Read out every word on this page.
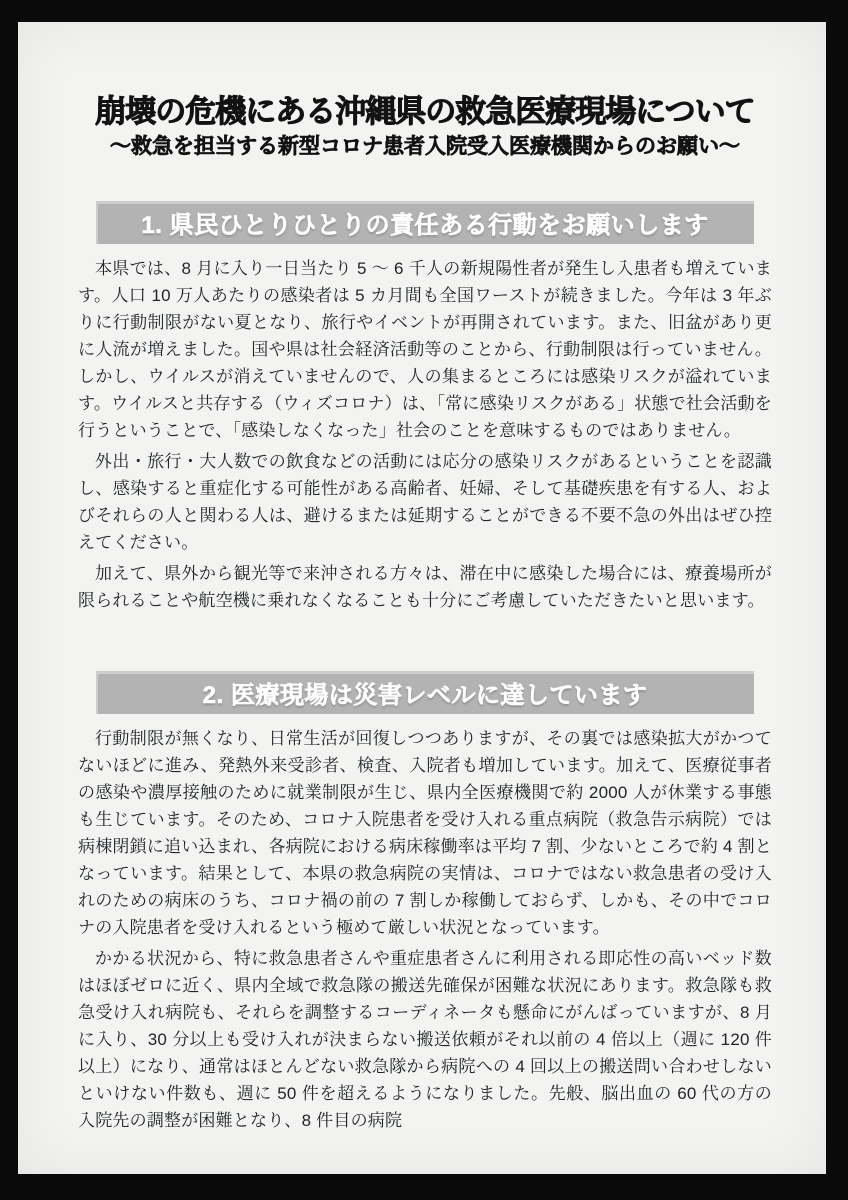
崩壊の危機にある沖縄県の救急医療現場について
～救急を担当する新型コロナ患者入院受入医療機関からのお願い～
1. 県民ひとりひとりの責任ある行動をお願いします

本県では、8 月に入り一日当たり 5 ～ 6 千人の新規陽性者が発生し入患者も増えています。人口 10 万人あたりの感染者は 5 カ月間も全国ワーストが続きました。今年は 3 年ぶりに行動制限がない夏となり、旅行やイベントが再開されています。また、旧盆があり更に人流が増えました。国や県は社会経済活動等のことから、行動制限は行っていません。しかし、ウイルスが消えていませんので、人の集まるところには感染リスクが溢れています。ウイルスと共存する（ウィズコロナ）は、「常に感染リスクがある」状態で社会活動を行うということで、「感染しなくなった」社会のことを意味するものではありません。

外出・旅行・大人数での飲食などの活動には応分の感染リスクがあるということを認識し、感染すると重症化する可能性がある高齢者、妊婦、そして基礎疾患を有する人、およびそれらの人と関わる人は、避けるまたは延期することができる不要不急の外出はぜひ控えてください。

加えて、県外から観光等で来沖される方々は、滞在中に感染した場合には、療養場所が限られることや航空機に乗れなくなることも十分にご考慮していただきたいと思います。

2. 医療現場は災害レベルに達しています

行動制限が無くなり、日常生活が回復しつつありますが、その裏では感染拡大がかつてないほどに進み、発熱外来受診者、検査、入院者も増加しています。加えて、医療従事者の感染や濃厚接触のために就業制限が生じ、県内全医療機関で約 2000 人が休業する事態も生じています。そのため、コロナ入院患者を受け入れる重点病院（救急告示病院）では病棟閉鎖に追い込まれ、各病院における病床稼働率は平均 7 割、少ないところで約 4 割となっています。結果として、本県の救急病院の実情は、コロナではない救急患者の受け入れのための病床のうち、コロナ禍の前の 7 割しか稼働しておらず、しかも、その中でコロナの入院患者を受け入れるという極めて厳しい状況となっています。

かかる状況から、特に救急患者さんや重症患者さんに利用される即応性の高いベッド数はほぼゼロに近く、県内全域で救急隊の搬送先確保が困難な状況にあります。救急隊も救急受け入れ病院も、それらを調整するコーディネータも懸命にがんばっていますが、8 月に入り、30 分以上も受け入れが決まらない搬送依頼がそれ以前の 4 倍以上（週に 120 件以上）になり、通常はほとんどない救急隊から病院への 4 回以上の搬送問い合わせしないといけない件数も、週に 50 件を超えるようになりました。先般、脳出血の 60 代の方の入院先の調整が困難となり、8 件目の病院
